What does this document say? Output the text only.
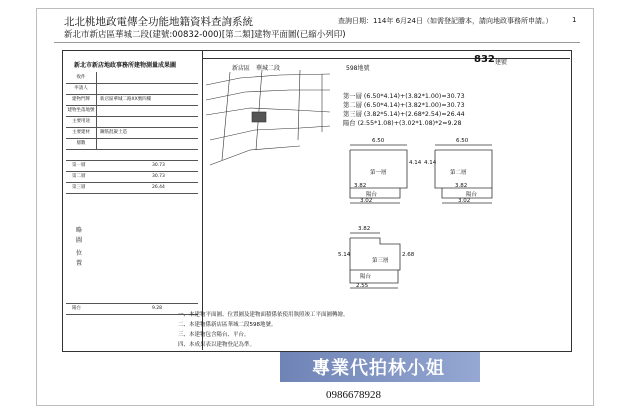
北北桃地政電傳全功能地籍資料查詢系統
新北市新店區華城二段(建號:00832-000)[第二類]建物平面圖(已縮小列印)
查詢日期：114年 6月24日（如需登記謄本，請向地政事務所申請。）	1
新北市新店地政事務所建物測量成果圖
收件
申請人
建物門牌	新店區華城二路XX號四樓
建物坐落地號
主要用途
主要建材	鋼筋混凝土造
層數
第一層	30.73
第二層	30.73
第三層	26.44
略
圖
位
置
陽台	9.28
新店區　華城二段	598地號
832 建號
第一層 (6.50*4.14)+(3.82*1.00)=30.73
第二層 (6.50*4.14)+(3.82*1.00)=30.73
第三層 (3.82*5.14)+(2.68*2.54)=26.44
陽台 (2.55*1.08)+(3.02*1.08)*2=9.28
第一層	第二層
第三層
陽台	陽台
陽台
6.50
4.14
3.82
3.02
6.50
4.14
3.82
3.02
3.82
5.14	2.68
2.55
一、本建物平面圖、位置圖及建物面積係依使用執照竣工平面圖轉繪。
二、本建物係新店區華城二段598地號。
三、本建物包含陽台、平台。
四、本成果表以建物登記為準。
專業代拍林小姐
0986678928
